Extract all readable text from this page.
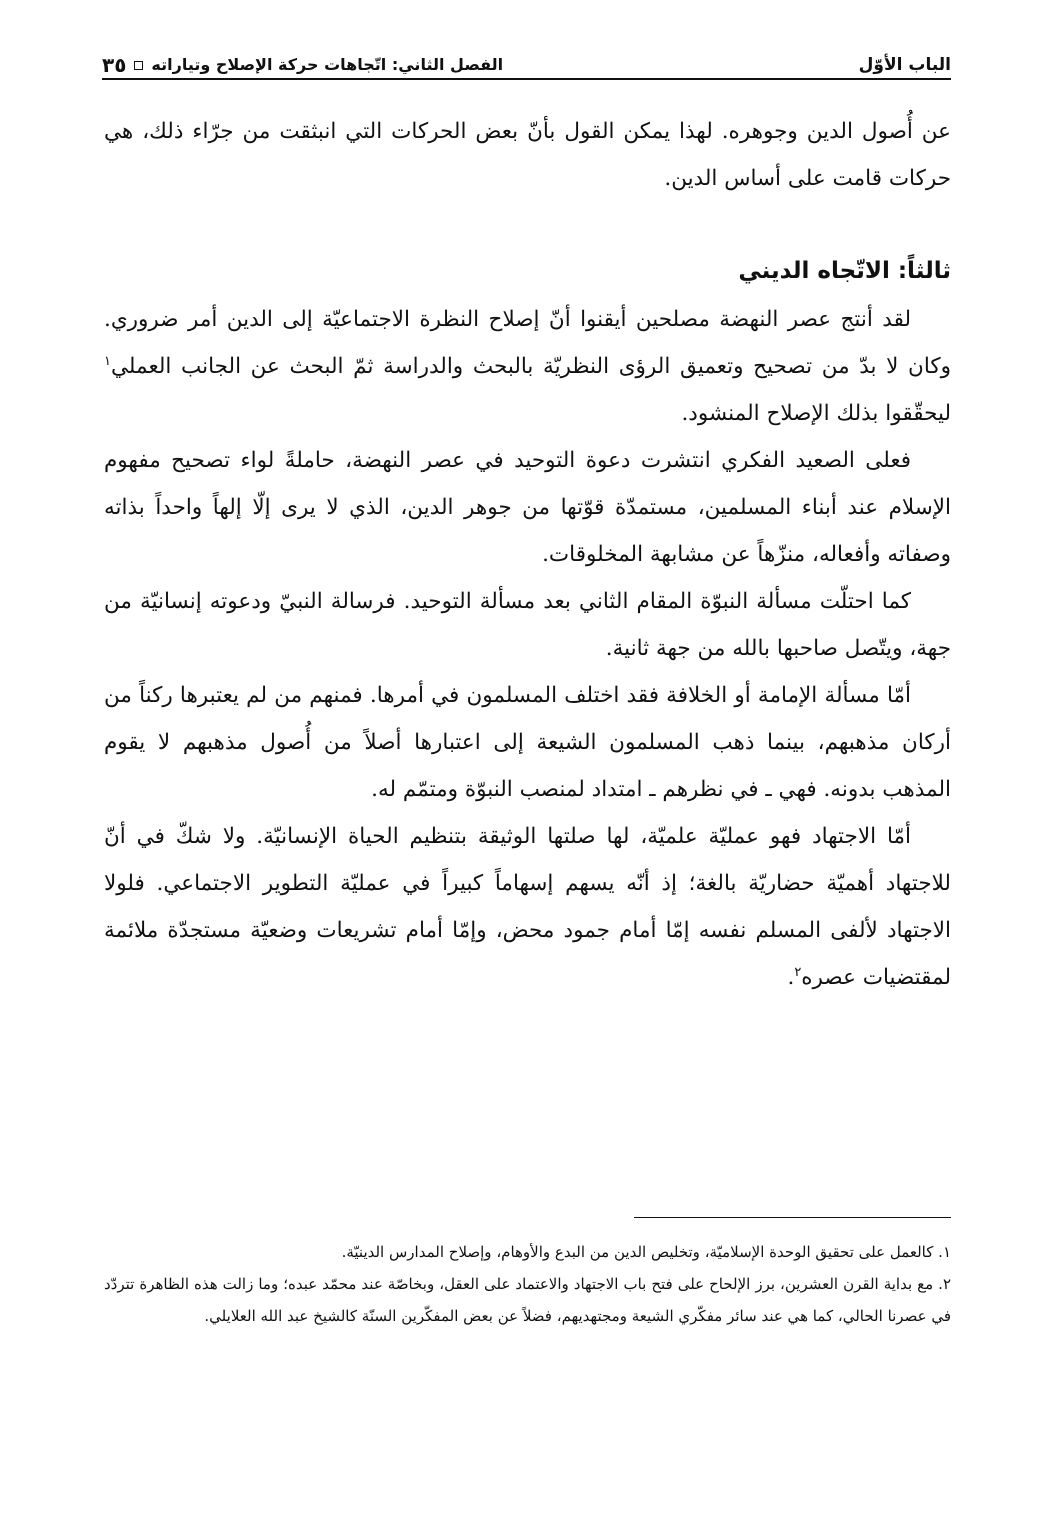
الباب الأوّل
الفصل الثاني: اتّجاهات حركة الإصلاح وتياراته
٣٥

عن أُصول الدين وجوهره. لهذا يمكن القول بأنّ بعض الحركات التي انبثقت من جرّاء ذلك، هي حركات قامت على أساس الدين.

ثالثاً: الاتّجاه الديني

لقد أنتج عصر النهضة مصلحين أيقنوا أنّ إصلاح النظرة الاجتماعيّة إلى الدين أمر ضروري. وكان لا بدّ من تصحيح وتعميق الرؤى النظريّة بالبحث والدراسة ثمّ البحث عن الجانب العملي$^١$ ليحقّقوا بذلك الإصلاح المنشود.

فعلى الصعيد الفكري انتشرت دعوة التوحيد في عصر النهضة، حاملةً لواء تصحيح مفهوم الإسلام عند أبناء المسلمين، مستمدّة قوّتها من جوهر الدين، الذي لا يرى إلّا إلهاً واحداً بذاته وصفاته وأفعاله، منزّهاً عن مشابهة المخلوقات.

كما احتلّت مسألة النبوّة المقام الثاني بعد مسألة التوحيد. فرسالة النبيّ ودعوته إنسانيّة من جهة، ويتّصل صاحبها بالله من جهة ثانية.

أمّا مسألة الإمامة أو الخلافة فقد اختلف المسلمون في أمرها. فمنهم من لم يعتبرها ركناً من أركان مذهبهم، بينما ذهب المسلمون الشيعة إلى اعتبارها أصلاً من أُصول مذهبهم لا يقوم المذهب بدونه. فهي ـ في نظرهم ـ امتداد لمنصب النبوّة ومتمّم له.

أمّا الاجتهاد فهو عمليّة علميّة، لها صلتها الوثيقة بتنظيم الحياة الإنسانيّة. ولا شكّ في أنّ للاجتهاد أهميّة حضاريّة بالغة؛ إذ أنّه يسهم إسهاماً كبيراً في عمليّة التطوير الاجتماعي. فلولا الاجتهاد لألفى المسلم نفسه إمّا أمام جمود محض، وإمّا أمام تشريعات وضعيّة مستجدّة ملائمة لمقتضيات عصره$^٢$.

١. كالعمل على تحقيق الوحدة الإسلاميّة، وتخليص الدين من البدع والأوهام، وإصلاح المدارس الدينيّة.

٢. مع بداية القرن العشرين، برز الإلحاح على فتح باب الاجتهاد والاعتماد على العقل، وبخاصّة عند محمّد عبده؛ وما زالت هذه الظاهرة تتردّد في عصرنا الحالي، كما هي عند سائر مفكّري الشيعة ومجتهديهم، فضلاً عن بعض المفكّرين السنّة كالشيخ عبد الله العلايلي.
